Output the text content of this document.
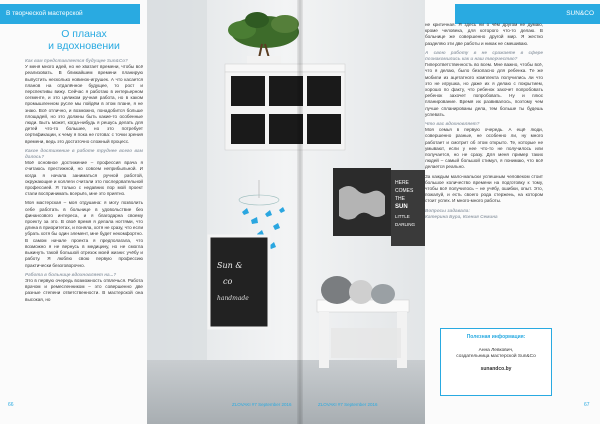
HERE
COMES
THE
SUN
LITTLE
DARLING
Sun &
co
handmade
В творческой мастерской	SUN&CO
О планах
и вдохновении

Как вам представляется будущее Sun&Co?
У меня много идей, но не хватает времени, чтобы всё реализовать. В ближайшем времени планирую выпустить несколько новинок-игрушек. А что касается планов на отдалённое будущее, то рост и перспективы вижу. Сейчас я работаю в интерьерном сегменте, и это целиком ручная работа, но в каком промышленном русле мы пойдём в этом плане, я не знаю. Всё отлично, и возможно, понадобится больше площадей, но это должны быть какие-то особенные люди. Быть может, когда-нибудь я решусь делать для детей что-то большее, но это потребует сертификации, к чему я пока не готова: с точки зрения времени, ведь это достаточно сложный процесс.

Какое достижение в работе труднее всего вам далось?
Моё основное достижение – профессия врача я считаюсь престижной, но совсем неприбыльной. И когда я начала заниматься ручной работой, окружающие и коллеги считали это последовательной профессией. Я только с недавних пор мой проект стали воспринимать всерьёз, мне это приятно.

Моя мастерская – моя отдушина: я могу позволить себе работать в больнице в удовольствие без финансового интереса, и я благодарна своему проекту за это. В своё время я делала ногтями, что длина в приоритетах, и поняла, хотя не сразу, что если убрать хотя бы один элемент, мне будет некомфортно. В самом начале проекта я предполагала, что возможно я не вернусь в медицину, но не смогла выкинуть такой большой отрезок моей жизни: учёбу и работу. Я люблю свою первую профессию практически безоговорочно.

Работа в больнице вдохновляет на...?
Это в первую очередь возможность отвлечься. Работа врачом и ремесленником – это совершенно две разные степени ответственности. В мастерской она высокая, но

не критичная. Я здесь ни о чём другом не думаю, кроме человека, для которого что-то делаю. В больнице же совершенно другой мир. Я жестко разделяю эти две работы и никак не смешиваю.

А свою работу в не сражаете в сфере познакомились как и наш творчество?
Гиперответственность во всем. Мне важно, чтобы всё, что я делаю, было безопасно для ребенка. Те же мобили из ацетатного комплекта получились ли что это не игрушка, но даже их я делаю с покрытием, хорошо по факту, что ребенок захочет попробовать ребенок захочет попробовать. Ну и плюс планирование. Время их развивалось, поэтому чем лучше спланированы дела, тем больше ты будешь успевать.

Что вас вдохновляет?
Моя семья в первую очередь. А ещё люди, совершенно разные, не особенно ли, ну много работает и смотрит об этом открыто. Те, которые не умывают, если у нее что-то не получилось или получается, но не сразу. Для меня пример таких людей – самый большой стимул, я понимаю, что всё делается реально.

За каждым мало-мальски успешным человеком стоит большое количество времени на подготовку к тому, чтобы всё получилось – не учёбу, ошибки, опыт. Это, пожалуй, и есть своего рода стержень, на котором стоит успех. И много-много работы.

Вопросы задавала:
Катерина Бура, Ксения Семина

Полезная информация:
Анна Левкович,
создательница мастерской Sun&Co
sunandco.by
66	ZLOVAKI #7 September 2016	ZLOVAKI #7 September 2016	67
